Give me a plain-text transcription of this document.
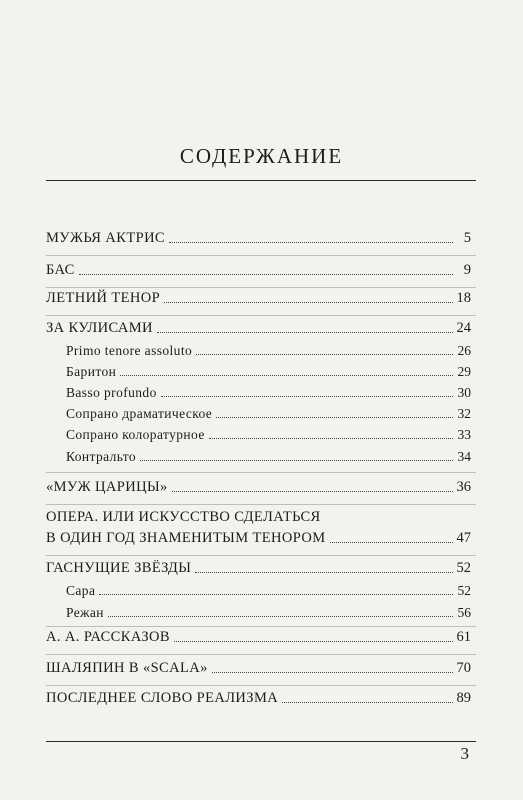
СОДЕРЖАНИЕ
МУЖЬЯ АКТРИС	5
БАС	9
ЛЕТНИЙ ТЕНОР	18
ЗА КУЛИСАМИ	24
Primo tenore assoluto	26
Баритон	29
Basso profundo	30
Сопрано драматическое	32
Сопрано колоратурное	33
Контральто	34
«МУЖ ЦАРИЦЫ»	36
ОПЕРА. ИЛИ ИСКУССТВО СДЕЛАТЬСЯ
В ОДИН ГОД ЗНАМЕНИТЫМ ТЕНОРОМ	47
ГАСНУЩИЕ ЗВЁЗДЫ	52
Сара	52
Режан	56
А. А. РАССКАЗОВ	61
ШАЛЯПИН В «SCALA»	70
ПОСЛЕДНЕЕ СЛОВО РЕАЛИЗМА	89
3
